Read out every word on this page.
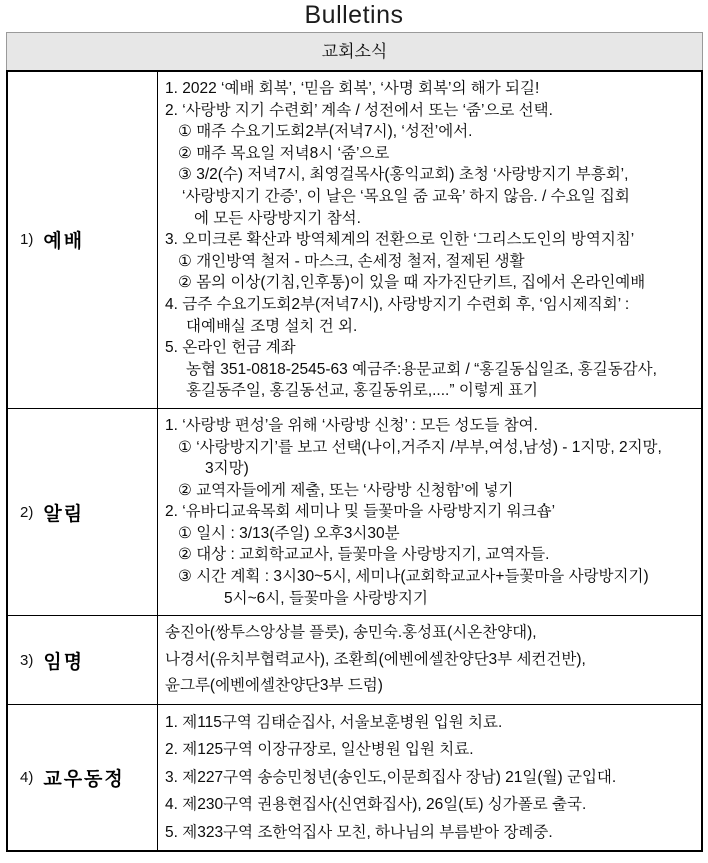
Bulletins
교회소식
1) 예배
1. 2022 ‘예배 회복’, ‘믿음 회복’, ‘사명 회복’의 해가 되길!
2. ‘사랑방 지기 수련회’ 계속 / 성전에서 또는 ‘줌’으로 선택.
① 매주 수요기도회2부(저녁7시), ‘성전’에서.
② 매주 목요일 저녁8시 ‘줌’으로
③ 3/2(수) 저녁7시, 최영걸목사(홍익교회) 초청 ‘사랑방지기 부흥회’,
‘사랑방지기 간증’, 이 날은 ‘목요일 줌 교육’ 하지 않음. / 수요일 집회
에 모든 사랑방지기 참석.
3. 오미크론 확산과 방역체계의 전환으로 인한 ‘그리스도인의 방역지침’
① 개인방역 철저 - 마스크, 손세정 철저, 절제된 생활
② 몸의 이상(기침,인후통)이 있을 때 자가진단키트, 집에서 온라인예배
4. 금주 수요기도회2부(저녁7시), 사랑방지기 수련회 후, ‘임시제직회’ :
대예배실 조명 설치 건 외.
5. 온라인 헌금 계좌
농협 351-0818-2545-63 예금주:용문교회 / “홍길동십일조, 홍길동감사,
홍길동주일, 홍길동선교, 홍길동위로,....” 이렇게 표기
2) 알림
1. ‘사랑방 편성’을 위해 ‘사랑방 신청’ : 모든 성도들 참여.
① ‘사랑방지기’를 보고 선택(나이,거주지 /부부,여성,남성) - 1지망, 2지망,
3지망)
② 교역자들에게 제출, 또는 ‘사랑방 신청함’에 넣기
2. ‘유바디교육목회 세미나 및 들꽃마을 사랑방지기 워크숍’
① 일시 : 3/13(주일) 오후3시30분
② 대상 : 교회학교교사, 들꽃마을 사랑방지기, 교역자들.
③ 시간 계획 : 3시30~5시, 세미나(교회학교교사+들꽃마을 사랑방지기)
5시~6시, 들꽃마을 사랑방지기
3) 임명
송진아(쌍투스앙상블 플룻), 송민숙.홍성표(시온찬양대),
나경서(유치부협력교사), 조환희(에벤에셀찬양단3부 세컨건반),
윤그루(에벤에셀찬양단3부 드럼)
4) 교우동정
1. 제115구역 김태순집사, 서울보훈병원 입원 치료.
2. 제125구역 이장규장로, 일산병원 입원 치료.
3. 제227구역 송승민청년(송인도,이문희집사 장남) 21일(월) 군입대.
4. 제230구역 권용현집사(신연화집사), 26일(토) 싱가폴로 출국.
5. 제323구역 조한억집사 모친, 하나님의 부름받아 장례중.
